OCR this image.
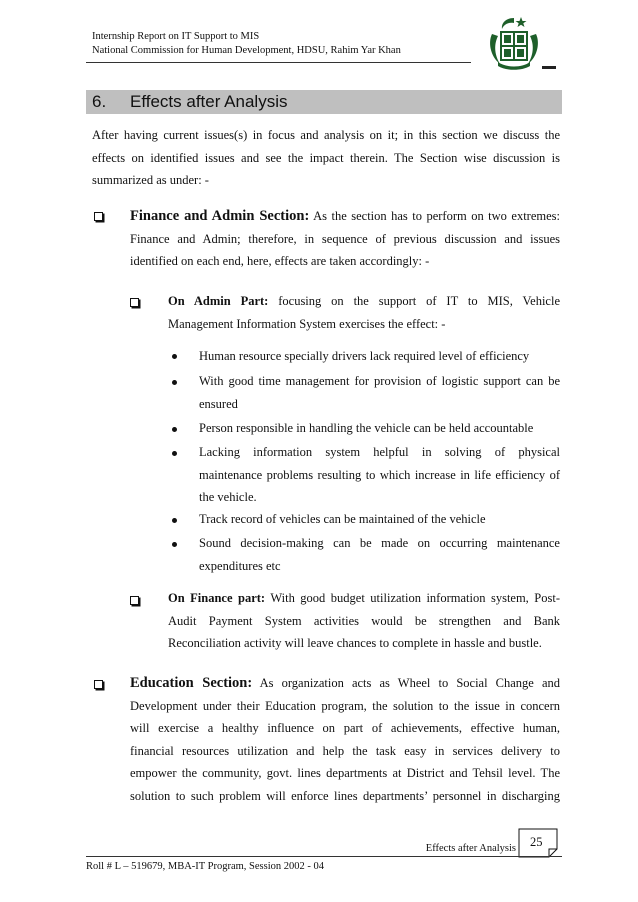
Internship Report on IT Support to MIS
National Commission for Human Development, HDSU, Rahim Yar Khan
6. Effects after Analysis
After having current issues(s) in focus and analysis on it; in this section we discuss the
effects on identified issues and see the impact therein. The Section wise discussion is
summarized as under: -
Finance and Admin Section: As the section has to perform on two extremes:
Finance and Admin; therefore, in sequence of previous discussion and issues
identified on each end, here, effects are taken accordingly: -
On Admin Part: focusing on the support of IT to MIS, Vehicle
Management Information System exercises the effect: -
Human resource specially drivers lack required level of efficiency
With good time management for provision of logistic support can be
ensured
Person responsible in handling the vehicle can be held accountable
Lacking information system helpful in solving of physical
maintenance problems resulting to which increase in life efficiency of
the vehicle.
Track record of vehicles can be maintained of the vehicle
Sound decision-making can be made on occurring maintenance
expenditures etc
On Finance part: With good budget utilization information system, Post-
Audit Payment System activities would be strengthen and Bank
Reconciliation activity will leave chances to complete in hassle and bustle.
Education Section: As organization acts as Wheel to Social Change and
Development under their Education program, the solution to the issue in concern
will exercise a healthy influence on part of achievements, effective human,
financial resources utilization and help the task easy in services delivery to
empower the community, govt. lines departments at District and Tehsil level. The
solution to such problem will enforce lines departments’ personnel in discharging
Effects after Analysis 25
Roll # L – 519679, MBA-IT Program, Session 2002 - 04
